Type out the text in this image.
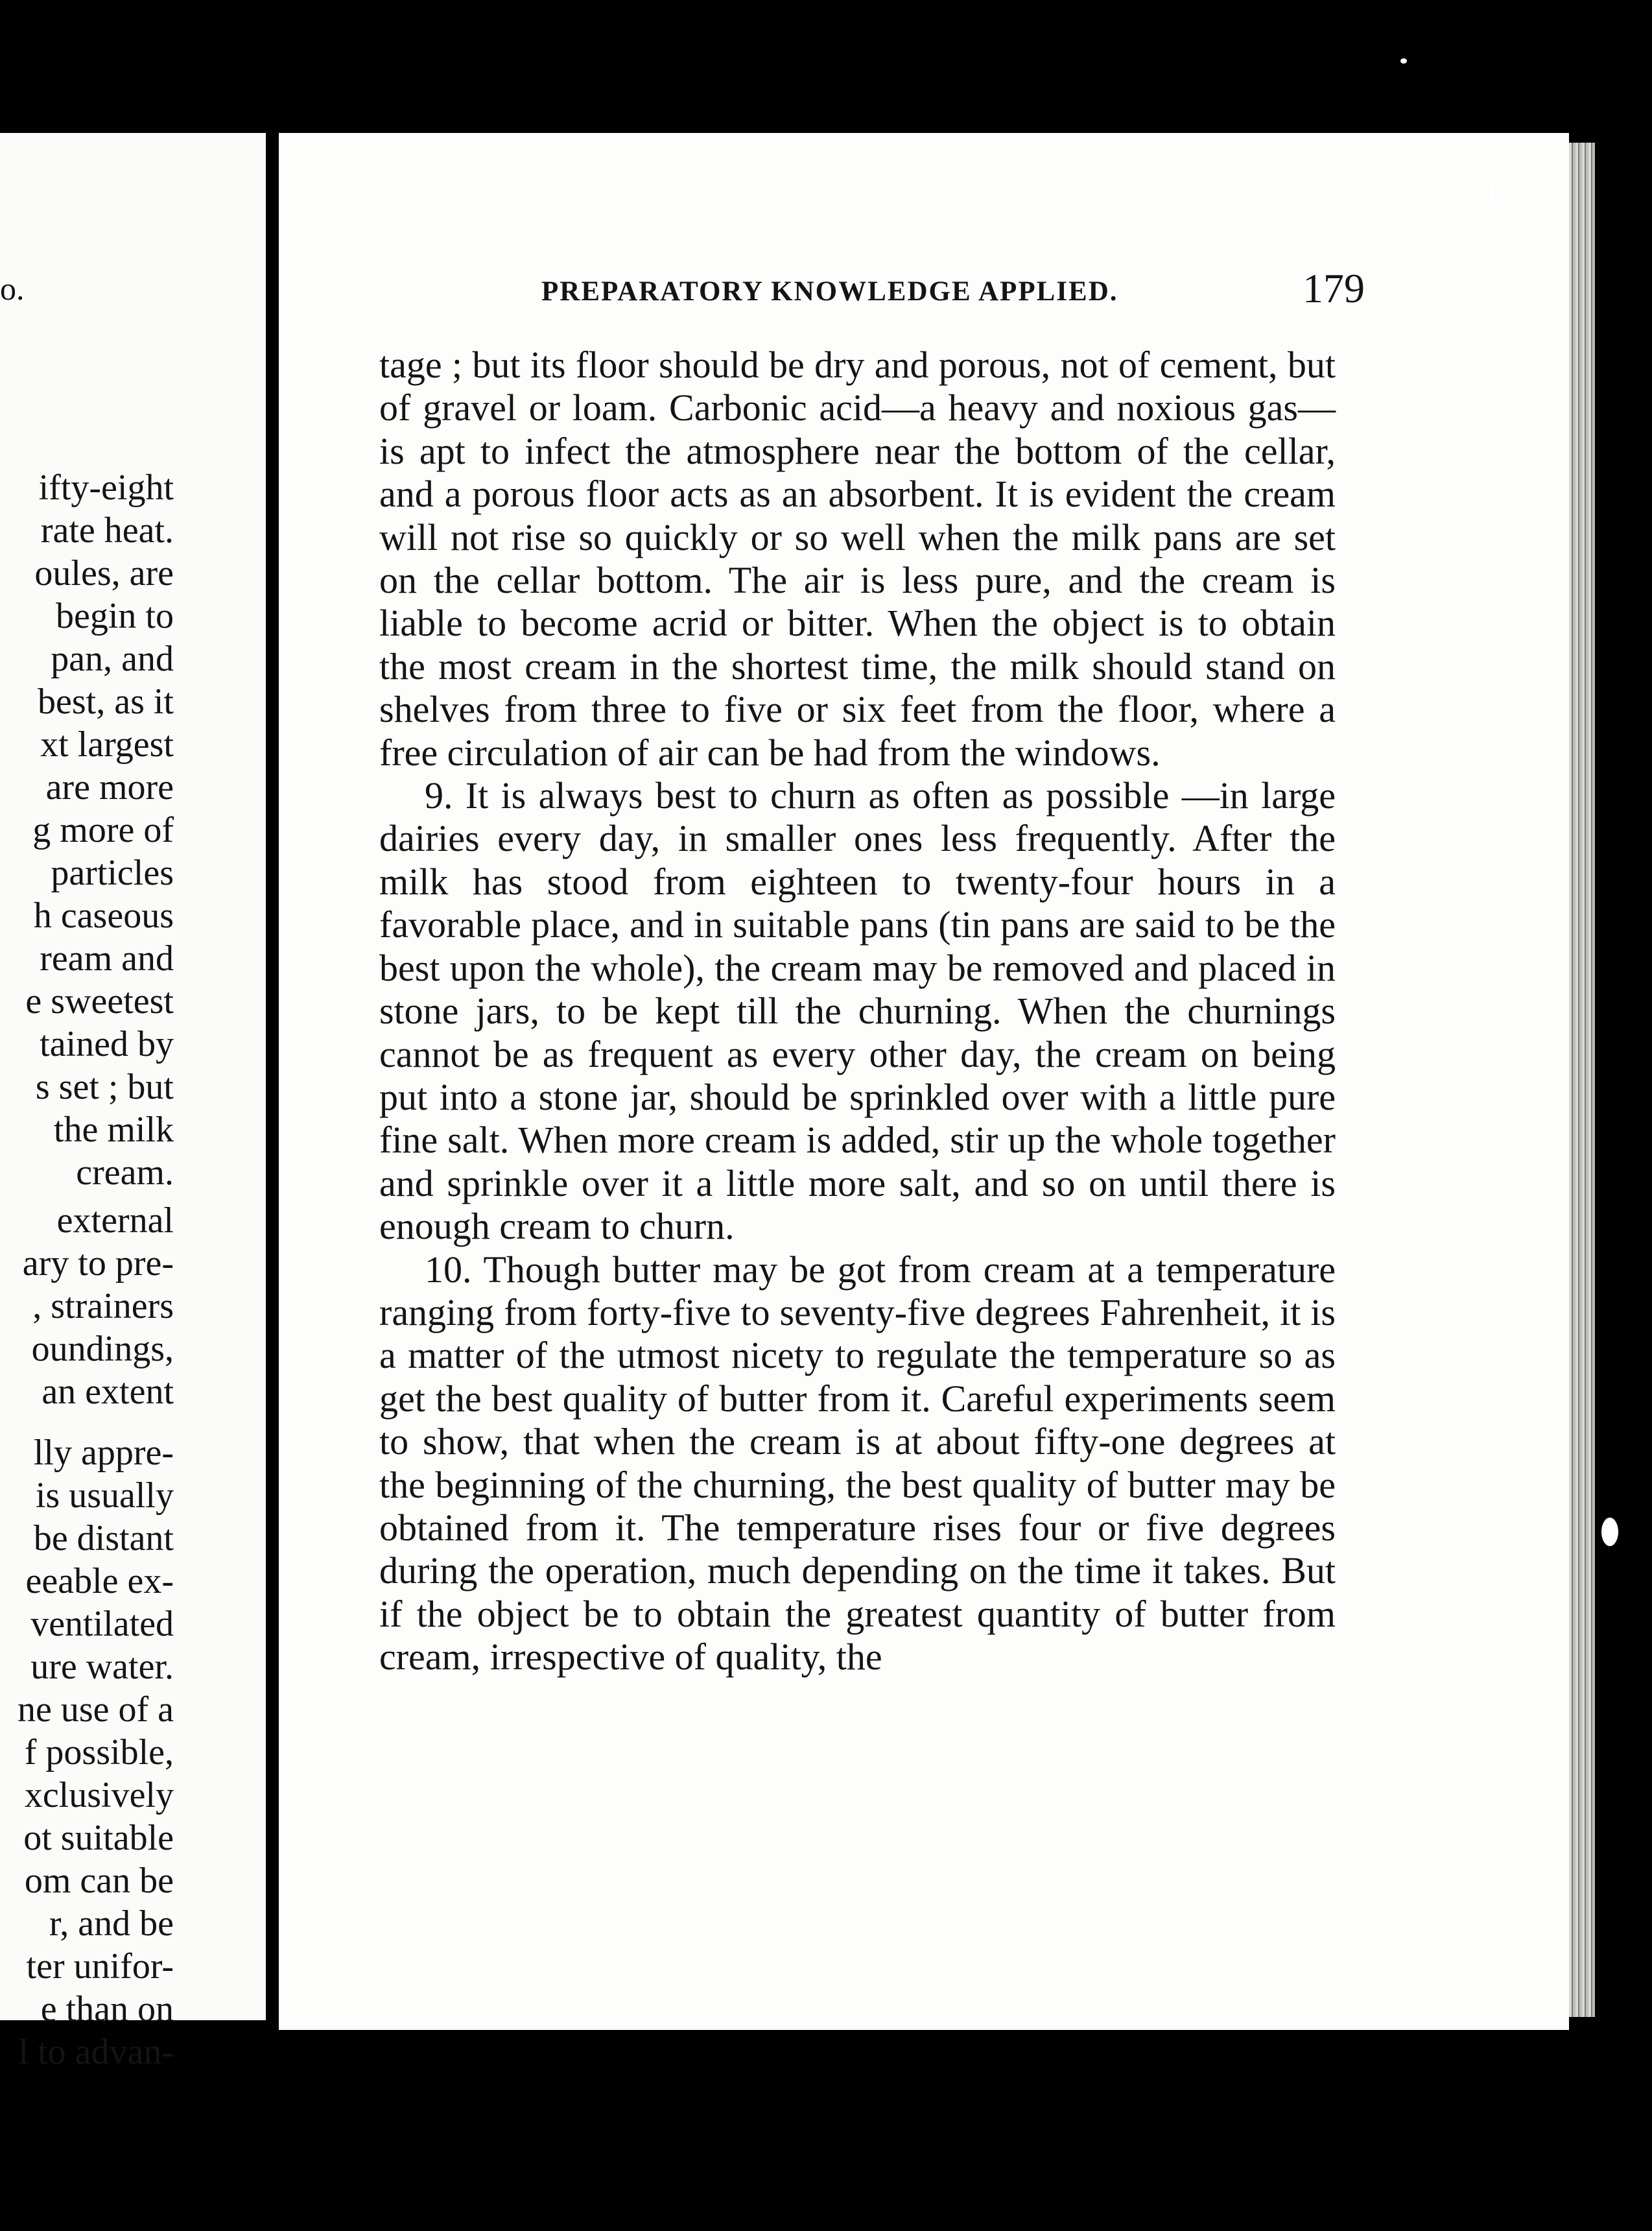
o.
ifty-eight
rate heat.
oules, are
begin to
pan, and
best, as it
xt largest
are more
g more of
particles
h caseous
ream and
e sweetest
tained by
s set ; but
the milk
cream.
external
ary to pre-
, strainers
oundings,
an extent
lly appre-
is usually
be distant
eeable ex-
ventilated
ure water.
ne use of a
f possible,
xclusively
ot suitable
om can be
r, and be
ter unifor-
e than on
l to advan-
PREPARATORY KNOWLEDGE APPLIED.	179

tage ; but its floor should be dry and porous, not of cement, but of gravel or loam. Carbonic acid—a heavy and noxious gas—is apt to infect the atmosphere near the bottom of the cellar, and a porous floor acts as an absorbent. It is evident the cream will not rise so quickly or so well when the milk pans are set on the cellar bottom. The air is less pure, and the cream is liable to become acrid or bitter. When the object is to obtain the most cream in the shortest time, the milk should stand on shelves from three to five or six feet from the floor, where a free circulation of air can be had from the windows.

9. It is always best to churn as often as possible —in large dairies every day, in smaller ones less frequently. After the milk has stood from eighteen to twenty-four hours in a favorable place, and in suitable pans (tin pans are said to be the best upon the whole), the cream may be removed and placed in stone jars, to be kept till the churning. When the churnings cannot be as frequent as every other day, the cream on being put into a stone jar, should be sprinkled over with a little pure fine salt. When more cream is added, stir up the whole together and sprinkle over it a little more salt, and so on until there is enough cream to churn.

10. Though butter may be got from cream at a temperature ranging from forty-five to seventy-five degrees Fahrenheit, it is a matter of the utmost nicety to regulate the temperature so as get the best quality of butter from it. Careful experiments seem to show, that when the cream is at about fifty-one degrees at the beginning of the churning, the best quality of butter may be obtained from it. The temperature rises four or five degrees during the operation, much depending on the time it takes. But if the object be to obtain the greatest quantity of butter from cream, irrespective of quality, the
